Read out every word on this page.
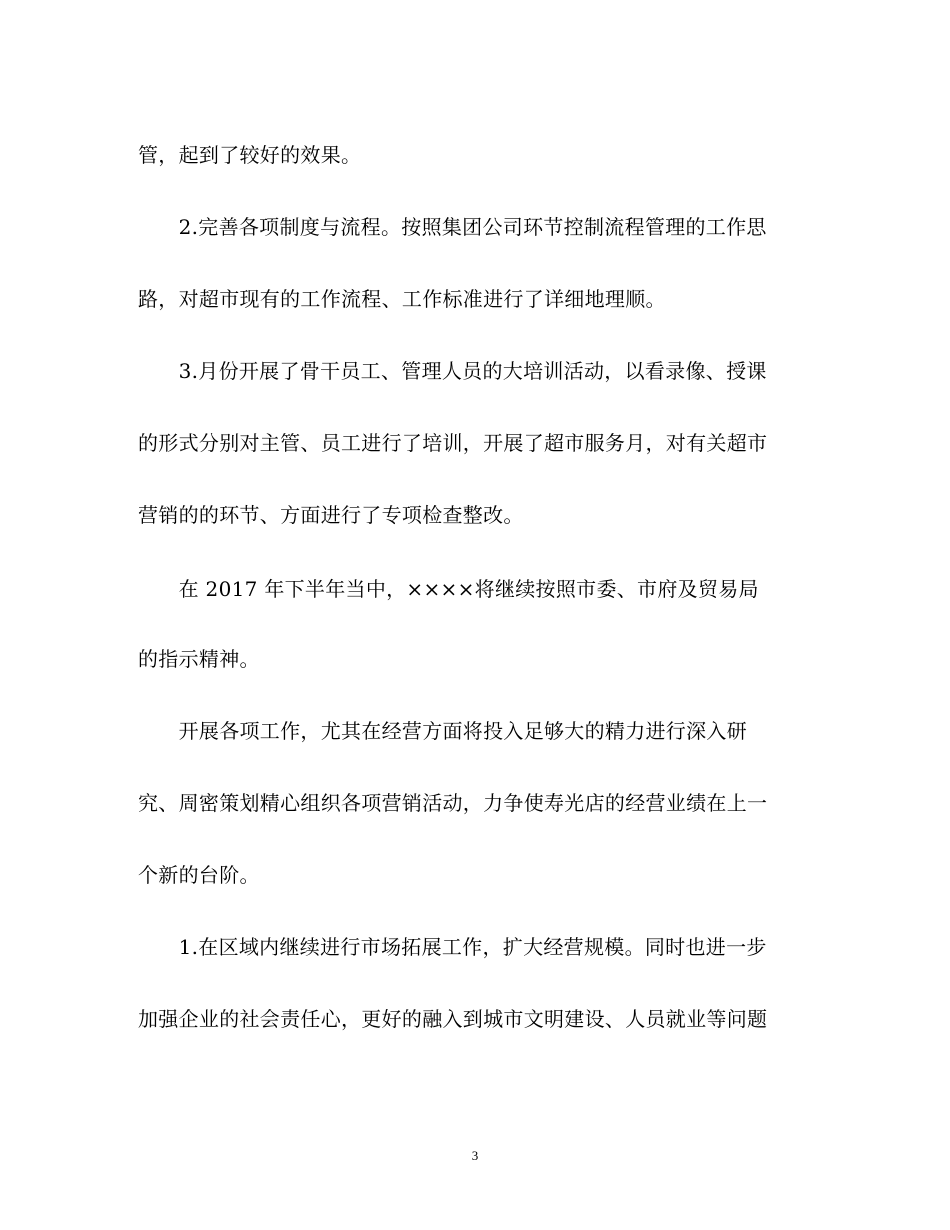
管，起到了较好的效果。
　　2.完善各项制度与流程。按照集团公司环节控制流程管理的工作思
路，对超市现有的工作流程、工作标准进行了详细地理顺。
　　3.月份开展了骨干员工、管理人员的大培训活动，以看录像、授课
的形式分别对主管、员工进行了培训，开展了超市服务月，对有关超市
营销的的环节、方面进行了专项检查整改。
　　在 2017 年下半年当中，××××将继续按照市委、市府及贸易局
的指示精神。
　　开展各项工作，尤其在经营方面将投入足够大的精力进行深入研
究、周密策划精心组织各项营销活动，力争使寿光店的经营业绩在上一
个新的台阶。
　　1.在区域内继续进行市场拓展工作，扩大经营规模。同时也进一步
加强企业的社会责任心，更好的融入到城市文明建设、人员就业等问题
3
